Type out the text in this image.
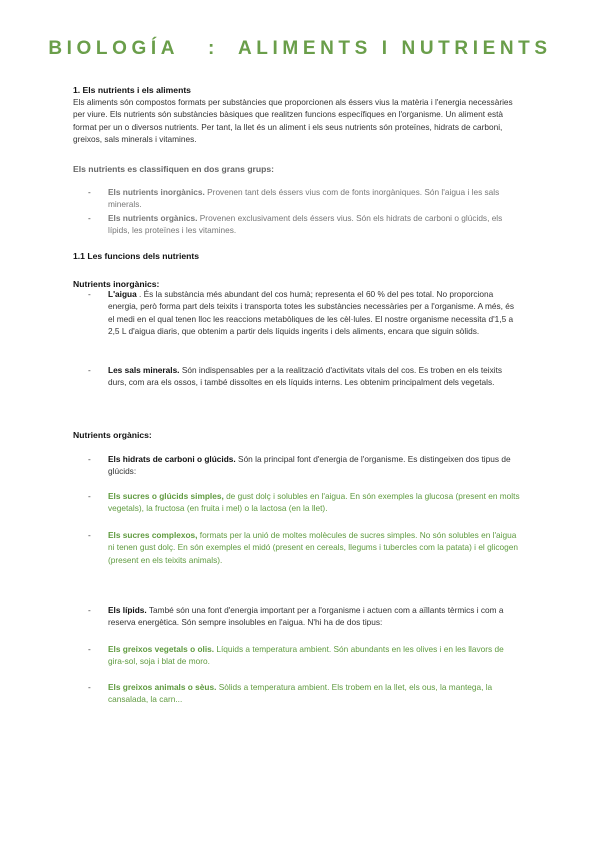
BIOLOGÍA   :  ALIMENTS I NUTRIENTS
1. Els nutrients i els aliments

Els aliments són compostos formats per substàncies que proporcionen als éssers vius la matèria i l'energia necessàries per viure. Els nutrients són substàncies bàsiques que realitzen funcions específiques en l'organisme. Un aliment està format per un o diversos nutrients. Per tant, la llet és un aliment i els seus nutrients són proteïnes, hidrats de carboni, greixos, sals minerals i vitamines.

Els nutrients es classifiquen en dos grans grups:
- Els nutrients inorgànics. Provenen tant dels éssers vius com de fonts inorgàniques. Són l'aigua i les sals minerals.
- Els nutrients orgànics. Provenen exclusivament dels éssers vius. Són els hidrats de carboni o glúcids, els lípids, les proteïnes i les vitamines.
1.1 Les funcions dels nutrients
Nutrients inorgànics:
- L'aigua . És la substància més abundant del cos humà; representa el 60 % del pes total. No proporciona energia, però forma part dels teixits i transporta totes les substàncies necessàries per a l'organisme. A més, és el medi en el qual tenen lloc les reaccions metabòliques de les cèl·lules. El nostre organisme necessita d'1,5 a 2,5 L d'aigua diaris, que obtenim a partir dels líquids ingerits i dels aliments, encara que siguin sòlids.
- Les sals minerals. Són indispensables per a la realització d'activitats vitals del cos. Es troben en els teixits durs, com ara els ossos, i també dissoltes en els líquids interns. Les obtenim principalment dels vegetals.
Nutrients orgànics:
- Els hidrats de carboni o glúcids. Són la principal font d'energia de l'organisme. Es distingeixen dos tipus de glúcids:
- Els sucres o glúcids simples, de gust dolç i solubles en l'aigua. En són exemples la glucosa (present en molts vegetals), la fructosa (en fruita i mel) o la lactosa (en la llet).
- Els sucres complexos, formats per la unió de moltes molècules de sucres simples. No són solubles en l'aigua ni tenen gust dolç. En són exemples el midó (present en cereals, llegums i tubercles com la patata) i el glicogen (present en els teixits animals).
- Els lípids. També són una font d'energia important per a l'organisme i actuen com a aïllants tèrmics i com a reserva energètica. Són sempre insolubles en l'aigua. N'hi ha de dos tipus:
- Els greixos vegetals o olis. Líquids a temperatura ambient. Són abundants en les olives i en les llavors de gira-sol, soja i blat de moro.
- Els greixos animals o sèus. Sòlids a temperatura ambient. Els trobem en la llet, els ous, la mantega, la cansalada, la carn...
